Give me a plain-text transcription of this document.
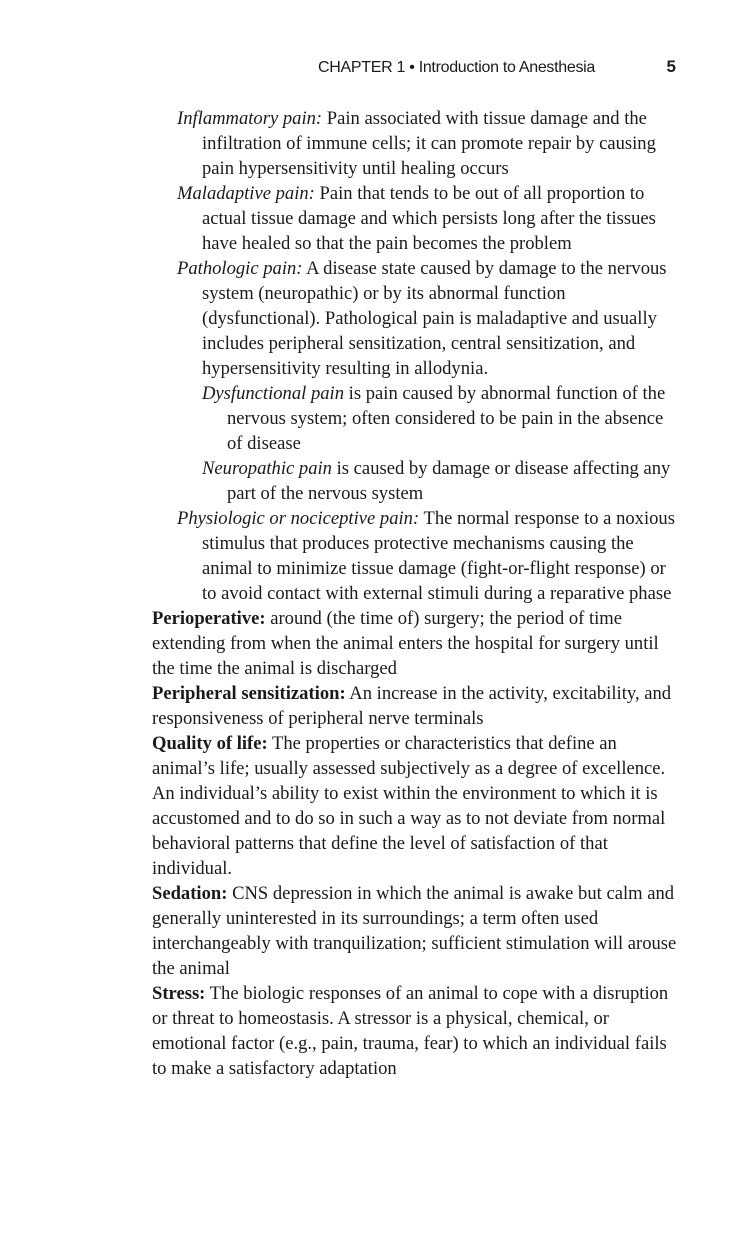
CHAPTER 1 • Introduction to Anesthesia	5

Inflammatory pain: Pain associated with tissue damage and the infiltration of immune cells; it can promote repair by causing pain hypersensitivity until healing occurs

Maladaptive pain: Pain that tends to be out of all proportion to actual tissue damage and which persists long after the tissues have healed so that the pain becomes the problem

Pathologic pain: A disease state caused by damage to the nervous system (neuropathic) or by its abnormal function (dysfunctional). Pathological pain is maladaptive and usually includes peripheral sensitization, central sensitization, and hypersensitivity resulting in allodynia.

Dysfunctional pain is pain caused by abnormal function of the nervous system; often considered to be pain in the absence of disease

Neuropathic pain is caused by damage or disease affecting any part of the nervous system

Physiologic or nociceptive pain: The normal response to a noxious stimulus that produces protective mechanisms causing the animal to minimize tissue damage (fight-or-flight response) or to avoid contact with external stimuli during a reparative phase

Perioperative: around (the time of) surgery; the period of time extending from when the animal enters the hospital for surgery until the time the animal is discharged

Peripheral sensitization: An increase in the activity, excitability, and responsiveness of peripheral nerve terminals

Quality of life: The properties or characteristics that define an animal’s life; usually assessed subjectively as a degree of excellence. An individual’s ability to exist within the environment to which it is accustomed and to do so in such a way as to not deviate from normal behavioral patterns that define the level of satisfaction of that individual.

Sedation: CNS depression in which the animal is awake but calm and generally uninterested in its surroundings; a term often used interchangeably with tranquilization; sufficient stimulation will arouse the animal

Stress: The biologic responses of an animal to cope with a disruption or threat to homeostasis. A stressor is a physical, chemical, or emotional factor (e.g., pain, trauma, fear) to which an individual fails to make a satisfactory adaptation
